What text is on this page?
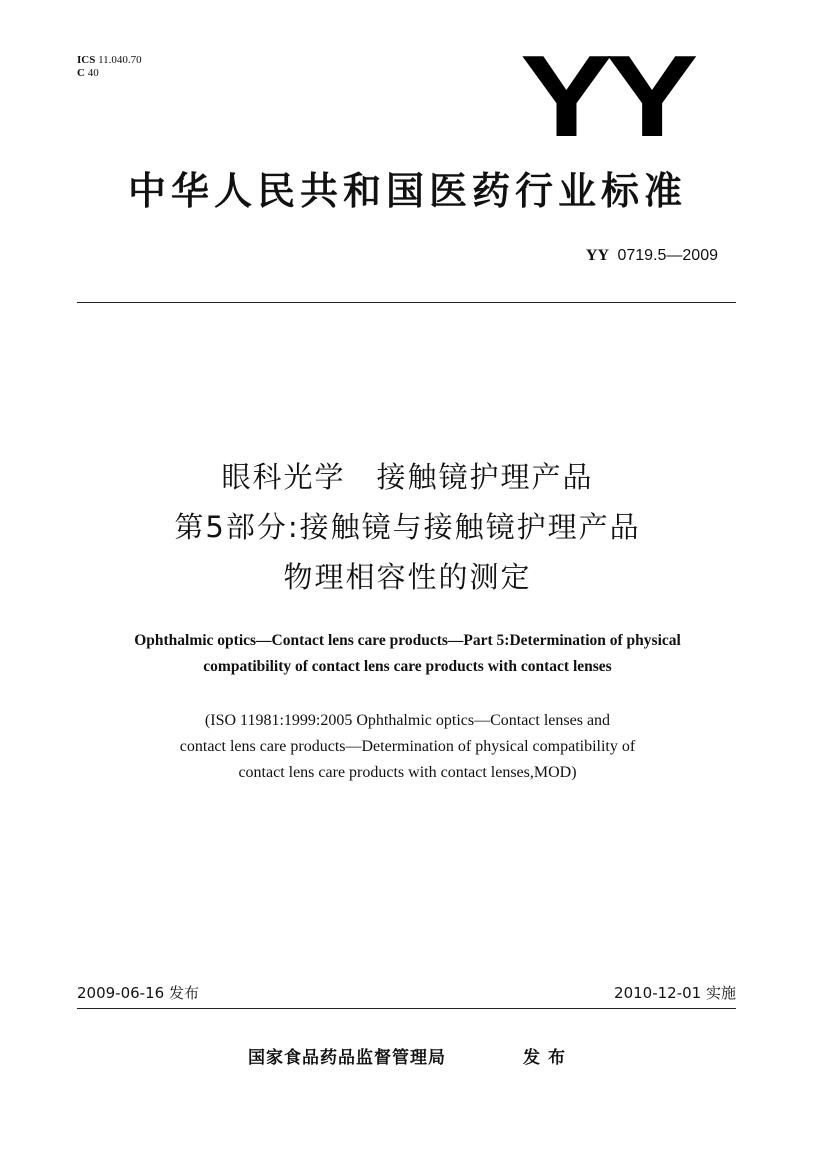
ICS 11.040.70
C 40	YY
中华人民共和国医药行业标准
YY 0719.5—2009
眼科光学　接触镜护理产品
第5部分:接触镜与接触镜护理产品
物理相容性的测定
Ophthalmic optics—Contact lens care products—Part 5:Determination of physical
compatibility of contact lens care products with contact lenses
(ISO 11981:1999:2005 Ophthalmic optics—Contact lenses and
contact lens care products—Determination of physical compatibility of
contact lens care products with contact lenses,MOD)
2009-06-16 发布	2010-12-01 实施
国家食品药品监督管理局	发布
